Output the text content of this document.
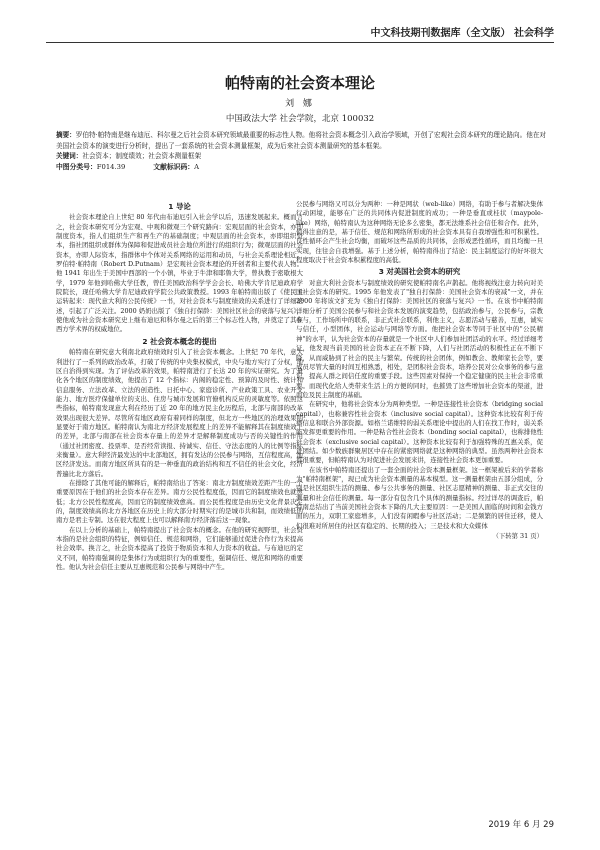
中文科技期刊数据库（全文版） 社会科学
帕特南的社会资本理论
刘 娜
中国政法大学 社会学院，北京 100032
摘要：罗伯特·帕特南是继布迪厄、科尔曼之后社会资本研究领域最重要的标志性人物。他将社会资本概念引入政治学领域，开创了宏观社会资本研究的理论路向。他在对美国社会资本的演变进行分析时，提出了一套系统的社会资本测量框架，成为后来社会资本测量研究的基本框架。
关键词：社会资本；制度绩效；社会资本测量框架
中图分类号：F014.39	文献标识码：A
1 导论

社会资本理论自上世纪 80 年代由布迪厄引入社会学以后，迅速发展起来。概而言之，社会资本研究可分为宏观、中观和微观三个研究路向：宏观层面的社会资本，亦即制度资本，指人们组织生产和再生产的基础制度；中观层面的社会资本，亦即组织资本，指社团组织或群体为保障和促进成员社会地位所进行的组织行为；微观层面的社会资本，亦即人际资本，指群体中个体对关系网络的运用和动员，与社会关系理论相近。罗伯特·帕特南（Robert D.Putnam）是宏观社会资本理论的开创者和主要代表人物。他 1941 年出生于美国中西部的一个小镇，毕业于牛津和耶鲁大学，曾执教于密歇根大学，1979 年他到哈佛大学任教，曾任美国政治科学学会会长、哈佛大学肯尼迪政府学院院长，现任哈佛大学肯尼迪政府学院公共政策教授。1993 年帕特南出版了《使民主运转起来：现代意大利的公民传统》一书，对社会资本与制度绩效的关系进行了详细论述，引起了广泛关注。2000 奶奶出版了《独自打保龄：美国社区社会的衰落与复兴》，使他成为社会资本研究史上继布迪厄和科尔曼之后的第三个标志性人物，并奠定了其在西方学术界的权威地位。

2 社会资本概念的提出

帕特南在研究意大利南北政府绩效时引入了社会资本概念。上世纪 70 年代，意大利进行了一系列的政治改革，打破了传统的中央集权模式，中央与地方实行了分权，地区自治得到实现。为了评估改革的效果，帕特南进行了长达 20 年的实证研究。为了量化各个地区的制度绩效，他提出了 12 个指标：内阁的稳定性、预算的及时性、统计和信息服务、立法改革、立法的创造性、日托中心、家庭诊所、产业政策工具、农业开支能力、地方医疗保健单位的支出、住房与城市发展和官僚机构反应的灵敏度等。依照这些指标，帕特南发现意大利在经历了近 20 年的地方民主化历程后，北部与南部的改革效果出现很大差异。尽管所有地区政府有着同样的制度，但北方一些地区的治理效果明显要好于南方地区。帕特南认为南北方经济发展程度上的差异不能解释其在制度绩效上的差异，北部与南部在社会资本存量上的差异才是解释制度成功与否的关键性的作用（通过社团密度、投票率、是否经常读报、持诚实、信任、守法态度的人的比例等指标来衡量）。意大利经济最发达的中北部地区，拥有发达的公民参与网络，互信程度高，地区经济发达。而南方地区所具有的是一种垂直的政治结构和互不信任的社会文化，经济普遍比北方落后。

在排除了其他可能的解释后，帕特南给出了答案：南北方制度绩效差距产生的一个重要原因在于他们的社会资本存在差异。南方公民性程度低，因而它的制度绩效也就愈低；北方公民性程度高，因而它的制度绩效愈高。而公民性程度是由历史文化背景决定的，制度效绩高的北方各地区在历史上的大部分时期实行的是城市共和制，而效绩低的南方是君主专制。这在很大程度上也可以解释南方经济落后这一现象。

在以上分析的基础上，帕特南提出了社会资本的概念。在他的研究视野里，社会资本指的是社会组织的特征，例如信任、规范和网络，它们能够通过促进合作行为来提高社会效率。换言之，社会资本提高了投资于物质资本和人力资本的收益。与布迪厄的定义不同，帕特南强调的是集体行为或组织行为的重要性，强调信任、规范和网络的重要性。他认为社会信任主要从互惠规范和公民参与网络中产生。

公民参与网络又可以分为两种：一种是网状（web-like）网络，有助于参与者解决集体行动困境，能够在广泛的共同体内促进制度的成功；一种是垂直或桂状（maypole-like）网络，帕特南认为这种网络无论多么密集，都无法维系社会信任和合作。此外，值得注意的是，基于信任、规范和网络所形成的社会资本具有自我增强性和可积累性。良性循环会产生社会均衡，而破坏这些品质的共同体，会形成恶性循环，而且均衡一旦实现，往往会自我增强。基于上述分析，帕特南得出了结论：民主制度运行的好坏很大程度取决于社会资本积累程度的高低。

3 对美国社会资本的研究

对意大利社会资本与制度绩效的研究使帕特南名声鹊起。他将视线注意力转向对美国社会资本的研究。1995 年他发表了"独自打保龄：美国社会资本的衰减"一文，并在 2000 年将该文扩充为《独自打保龄：美国社区的衰落与复兴》一书。在该书中帕特南详细分析了美国公民参与和社会资本发展的演变趋势，包括政治参与，公民参与，宗教参与，工作场所中的联系，非正式社会联系，利他主义，志愿活动与慈善，互惠，诚实与信任，小型团体，社会运动与网络等方面。他把社会资本等同于社区中的"公民精神"的水平，认为社会资本的存量就是一个社区中人们参加社团活动的水平。经过详细考证，他发现当前美国的社会资本正在不断下降，人们与社团活动的积极性正在不断下降，从而威胁到了社会的民主与繁荣。传统的社会团体，例如教会、教师家长会等，要成员尽管大量的时间互相熟悉，相处，是团积社会资本，培养公民对公众事务的参与意识，提高人群之间信任度的重要手段。这些因素对保持一个稳定健康的民主社会非常重要。而现代化给人类带来生活上的方便的同时，也摧毁了这些增加社会资本的渠道，进而危及民主制度的基础。

在研究中，他将社会资本分为两种类型。一种是连接性社会资本（bridging social capital），也称兼容性社会资本（inclusive social capital）。这种资本比较有利于传播信息和联合外部资源。如格兰诺维特的弱关系理论中提出的人们在找工作时，弱关系能发挥更重要的作用。一种是粘合性社会资本（bonding social capital），也称排他性社会资本（exclusive social capital）。这种资本比较有利于加强特殊的互惠关系，促进团结。如少数族群聚居区中存在的紧密网络就是这种网络的典型。虽然两种社会资本都很重要，但帕特南认为对促进社会发展来讲，连接性社会资本更加重要。

在该书中帕特南还提出了一套全面的社会资本测量框架。这一框架被后来的学者称为"帕特南框架"，现已成为社会资本测量的基本模型。这一测量框架由五部分组成，分别是社区组织生活的测量、参与公共事务的测量、社区志愿精神的测量、非正式交往的测量和社会信任的测量。每一部分有包含几个具体的测量指标。经过详尽的调查后，帕特南总结出了当前美国社会资本下降的几大主要原因：一是美国人面临的时间和金钱方面的压力，双职工家庭增多，人们没有闲暇参与社区活动；二是频繁的居住迁移，使人们很难对所居住的社区有稳定的、长期的投入；三是技术和大众媒体

（下转第 31 页）
2019 年 6 月 29
